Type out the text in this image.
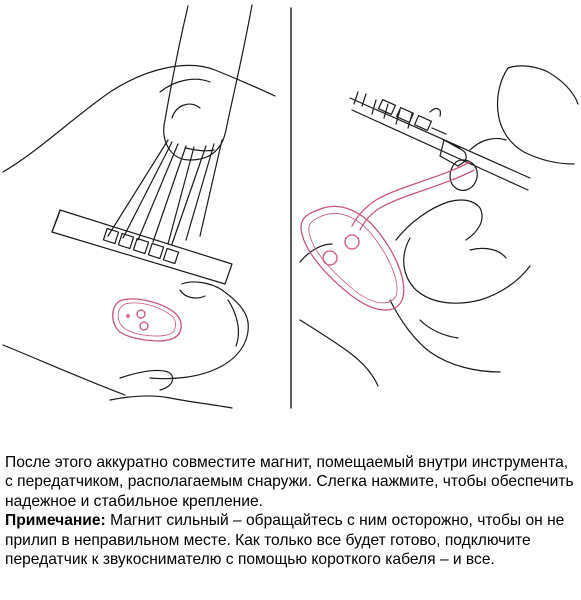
После этого аккуратно совместите магнит, помещаемый внутри инструмента, с передатчиком, располагаемым снаружи. Слегка нажмите, чтобы обеспечить надежное и стабильное крепление.
Примечание: Магнит сильный – обращайтесь с ним осторожно, чтобы он не прилип в неправильном месте. Как только все будет готово, подключите передатчик к звукоснимателю с помощью короткого кабеля – и все.
